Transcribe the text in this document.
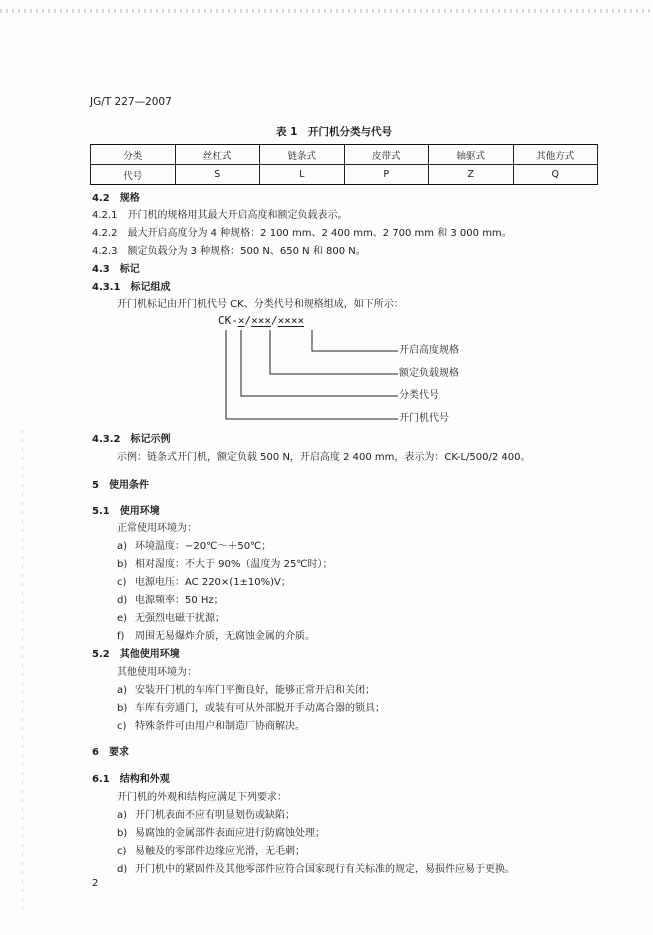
JG/T 227—2007
表 1　开门机分类与代号
分类	丝杠式	链条式	皮带式	轴驱式	其他方式
代号	S	L	P	Z	Q
4.2　规格
4.2.1　开门机的规格用其最大开启高度和额定负载表示。
4.2.2　最大开启高度分为 4 种规格：2 100 mm、2 400 mm、2 700 mm 和 3 000 mm。
4.2.3　额定负载分为 3 种规格：500 N、650 N 和 800 N。
4.3　标记
4.3.1　标记组成
开门机标记由开门机代号 CK、分类代号和规格组成，如下所示：
CK-×/×××/××××
开启高度规格
额定负载规格
分类代号
开门机代号
4.3.2　标记示例
示例：链条式开门机，额定负载 500 N，开启高度 2 400 mm，表示为：CK-L/500/2 400。
5　使用条件
5.1　使用环境
正常使用环境为：
a) 环境温度：−20℃～＋50℃；
b) 相对湿度：不大于 90%（温度为 25℃时）；
c) 电源电压：AC 220×(1±10%)V；
d) 电源频率：50 Hz；
e) 无强烈电磁干扰源；
f) 周围无易爆炸介质，无腐蚀金属的介质。
5.2　其他使用环境
其他使用环境为：
a) 安装开门机的车库门平衡良好，能够正常开启和关闭；
b) 车库有旁通门，或装有可从外部脱开手动离合器的锁具；
c) 特殊条件可由用户和制造厂协商解决。
6　要求
6.1　结构和外观
开门机的外观和结构应满足下列要求：
a) 开门机表面不应有明显划伤或缺陷；
b) 易腐蚀的金属部件表面应进行防腐蚀处理；
c) 易触及的零部件边缘应光滑，无毛刺；
d) 开门机中的紧固件及其他零部件应符合国家现行有关标准的规定，易损件应易于更换。
2
